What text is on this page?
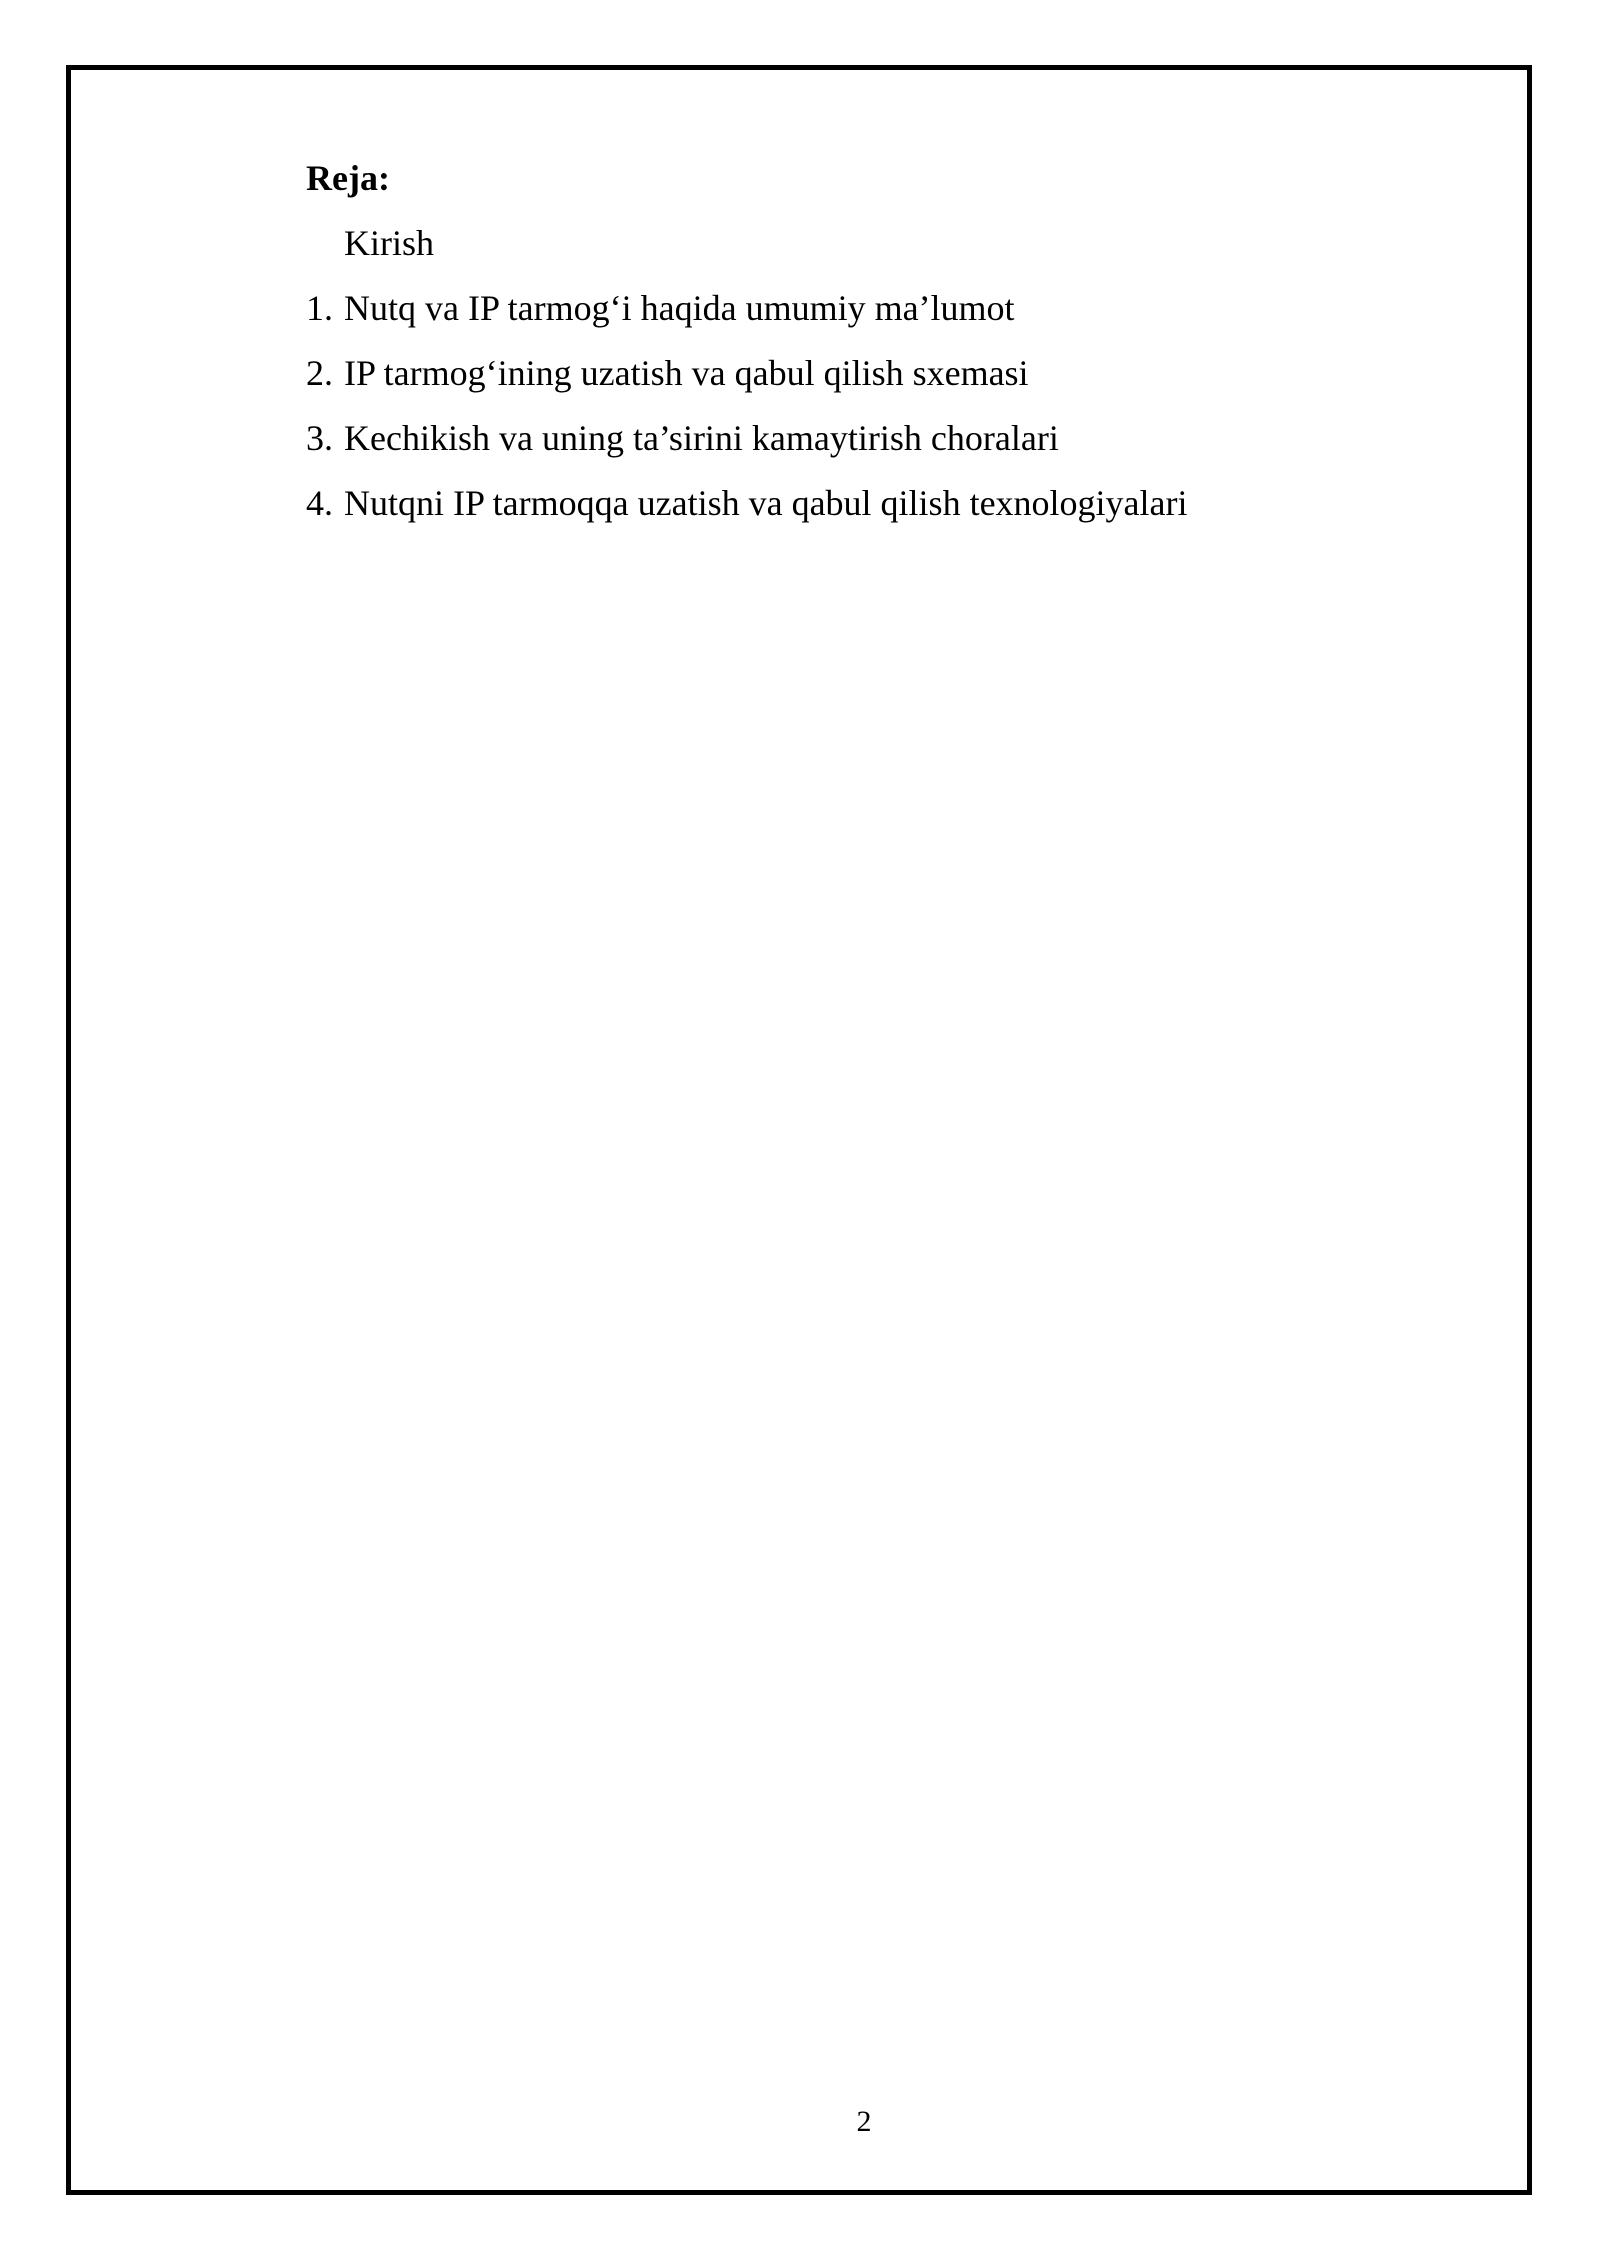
Reja:
Kirish
1. Nutq va IP tarmog‘i haqida umumiy ma’lumot
2. IP tarmog‘ining uzatish va qabul qilish sxemasi
3. Kechikish va uning ta’sirini kamaytirish choralari
4. Nutqni IP tarmoqqa uzatish va qabul qilish texnologiyalari
2
